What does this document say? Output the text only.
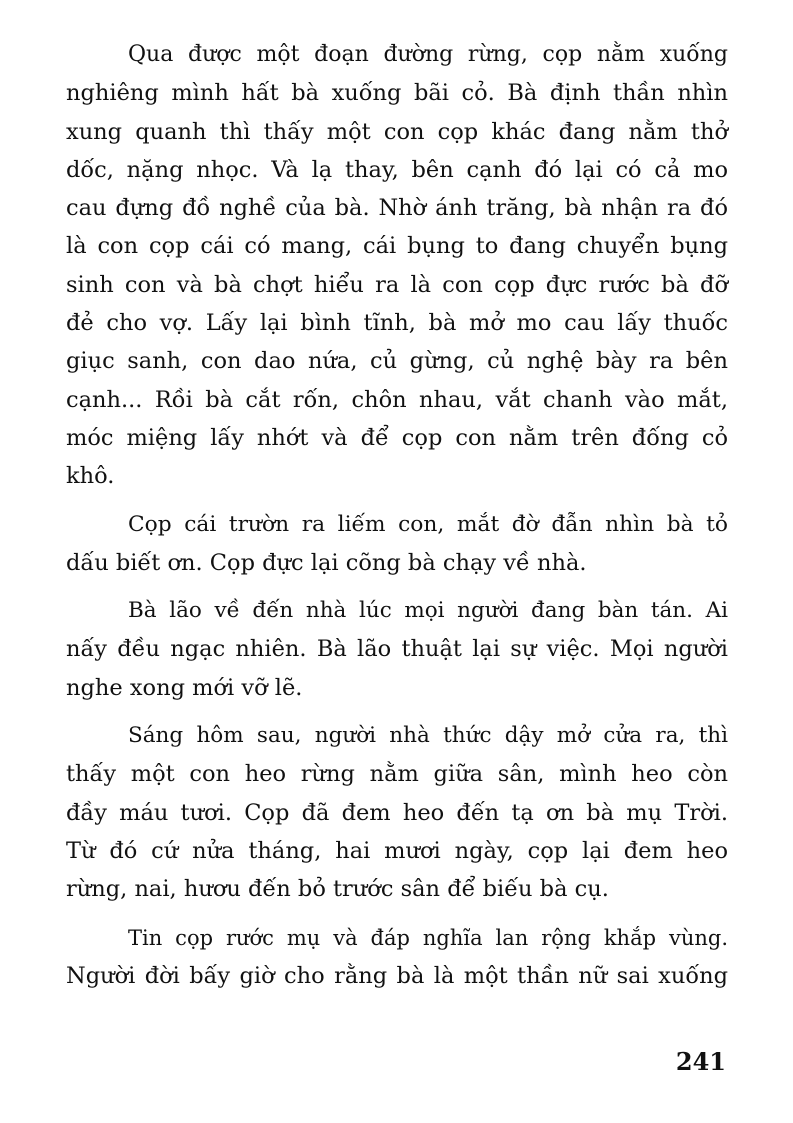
Qua được một đoạn đường rừng, cọp nằm xuống
nghiêng mình hất bà xuống bãi cỏ. Bà định thần nhìn
xung quanh thì thấy một con cọp khác đang nằm thở
dốc, nặng nhọc. Và lạ thay, bên cạnh đó lại có cả mo
cau đựng đồ nghề của bà. Nhờ ánh trăng, bà nhận ra đó
là con cọp cái có mang, cái bụng to đang chuyển bụng
sinh con và bà chợt hiểu ra là con cọp đực rước bà đỡ
đẻ cho vợ. Lấy lại bình tĩnh, bà mở mo cau lấy thuốc
giục sanh, con dao nứa, củ gừng, củ nghệ bày ra bên
cạnh... Rồi bà cắt rốn, chôn nhau, vắt chanh vào mắt,
móc miệng lấy nhớt và để cọp con nằm trên đống cỏ
khô.

Cọp cái trườn ra liếm con, mắt đờ đẫn nhìn bà tỏ
dấu biết ơn. Cọp đực lại cõng bà chạy về nhà.

Bà lão về đến nhà lúc mọi người đang bàn tán. Ai
nấy đều ngạc nhiên. Bà lão thuật lại sự việc. Mọi người
nghe xong mới vỡ lẽ.

Sáng hôm sau, người nhà thức dậy mở cửa ra, thì
thấy một con heo rừng nằm giữa sân, mình heo còn
đầy máu tươi. Cọp đã đem heo đến tạ ơn bà mụ Trời.
Từ đó cứ nửa tháng, hai mươi ngày, cọp lại đem heo
rừng, nai, hươu đến bỏ trước sân để biếu bà cụ.

Tin cọp rước mụ và đáp nghĩa lan rộng khắp vùng.
Người đời bấy giờ cho rằng bà là một thần nữ sai xuống

241
